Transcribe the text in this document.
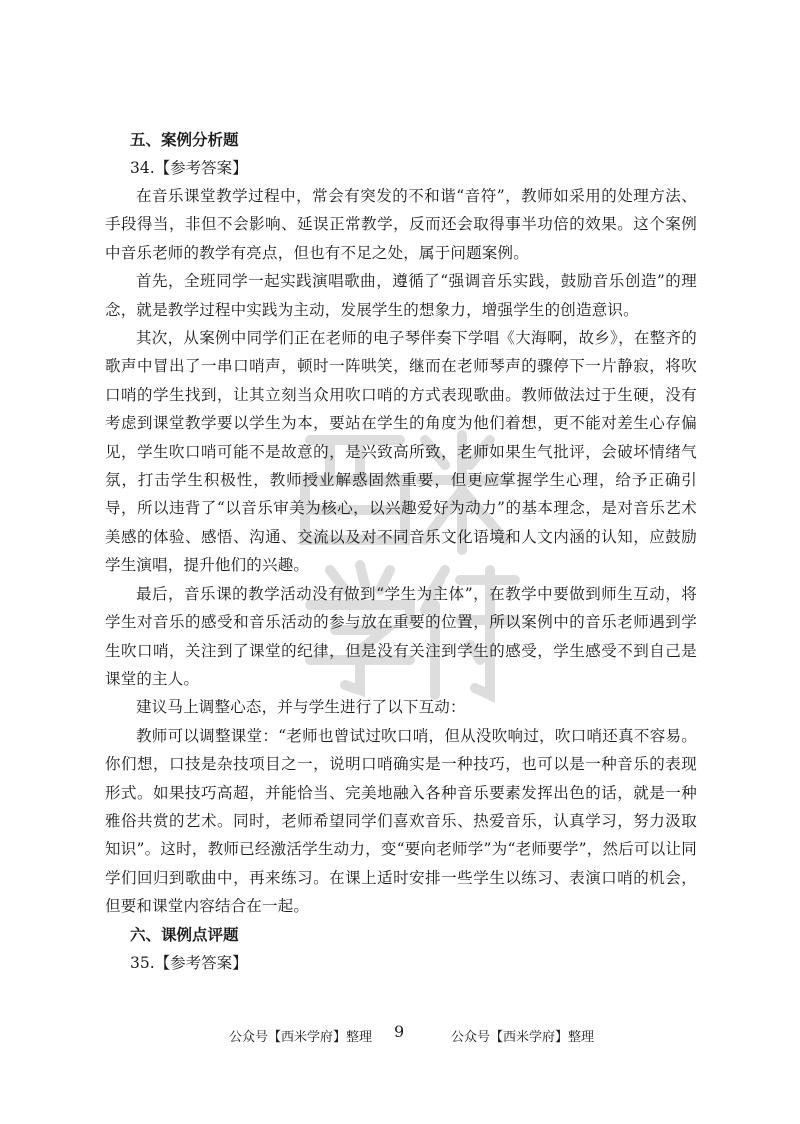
五、案例分析题
34.【参考答案】

在音乐课堂教学过程中，常会有突发的不和谐“音符”，教师如采用的处理方法、手段得当，非但不会影响、延误正常教学，反而还会取得事半功倍的效果。这个案例中音乐老师的教学有亮点，但也有不足之处，属于问题案例。

首先，全班同学一起实践演唱歌曲，遵循了“强调音乐实践，鼓励音乐创造”的理念，就是教学过程中实践为主动，发展学生的想象力，增强学生的创造意识。

其次，从案例中同学们正在老师的电子琴伴奏下学唱《大海啊，故乡》，在整齐的歌声中冒出了一串口哨声，顿时一阵哄笑，继而在老师琴声的骤停下一片静寂，将吹口哨的学生找到，让其立刻当众用吹口哨的方式表现歌曲。教师做法过于生硬，没有考虑到课堂教学要以学生为本，要站在学生的角度为他们着想，更不能对差生心存偏见，学生吹口哨可能不是故意的，是兴致高所致，老师如果生气批评，会破坏情绪气氛，打击学生积极性，教师授业解惑固然重要，但更应掌握学生心理，给予正确引导，所以违背了“以音乐审美为核心，以兴趣爱好为动力”的基本理念，是对音乐艺术美感的体验、感悟、沟通、交流以及对不同音乐文化语境和人文内涵的认知，应鼓励学生演唱，提升他们的兴趣。

最后，音乐课的教学活动没有做到“学生为主体”，在教学中要做到师生互动，将学生对音乐的感受和音乐活动的参与放在重要的位置，所以案例中的音乐老师遇到学生吹口哨，关注到了课堂的纪律，但是没有关注到学生的感受，学生感受不到自己是课堂的主人。

建议马上调整心态，并与学生进行了以下互动：

教师可以调整课堂：“老师也曾试过吹口哨，但从没吹响过，吹口哨还真不容易。你们想，口技是杂技项目之一，说明口哨确实是一种技巧，也可以是一种音乐的表现形式。如果技巧高超，并能恰当、完美地融入各种音乐要素发挥出色的话，就是一种雅俗共赏的艺术。同时，老师希望同学们喜欢音乐、热爱音乐，认真学习，努力汲取知识”。这时，教师已经激活学生动力，变“要向老师学”为“老师要学”，然后可以让同学们回归到歌曲中，再来练习。在课上适时安排一些学生以练习、表演口哨的机会，但要和课堂内容结合在一起。

六、课例点评题
35.【参考答案】
公众号【西米学府】整理 9	公众号【西米学府】整理
